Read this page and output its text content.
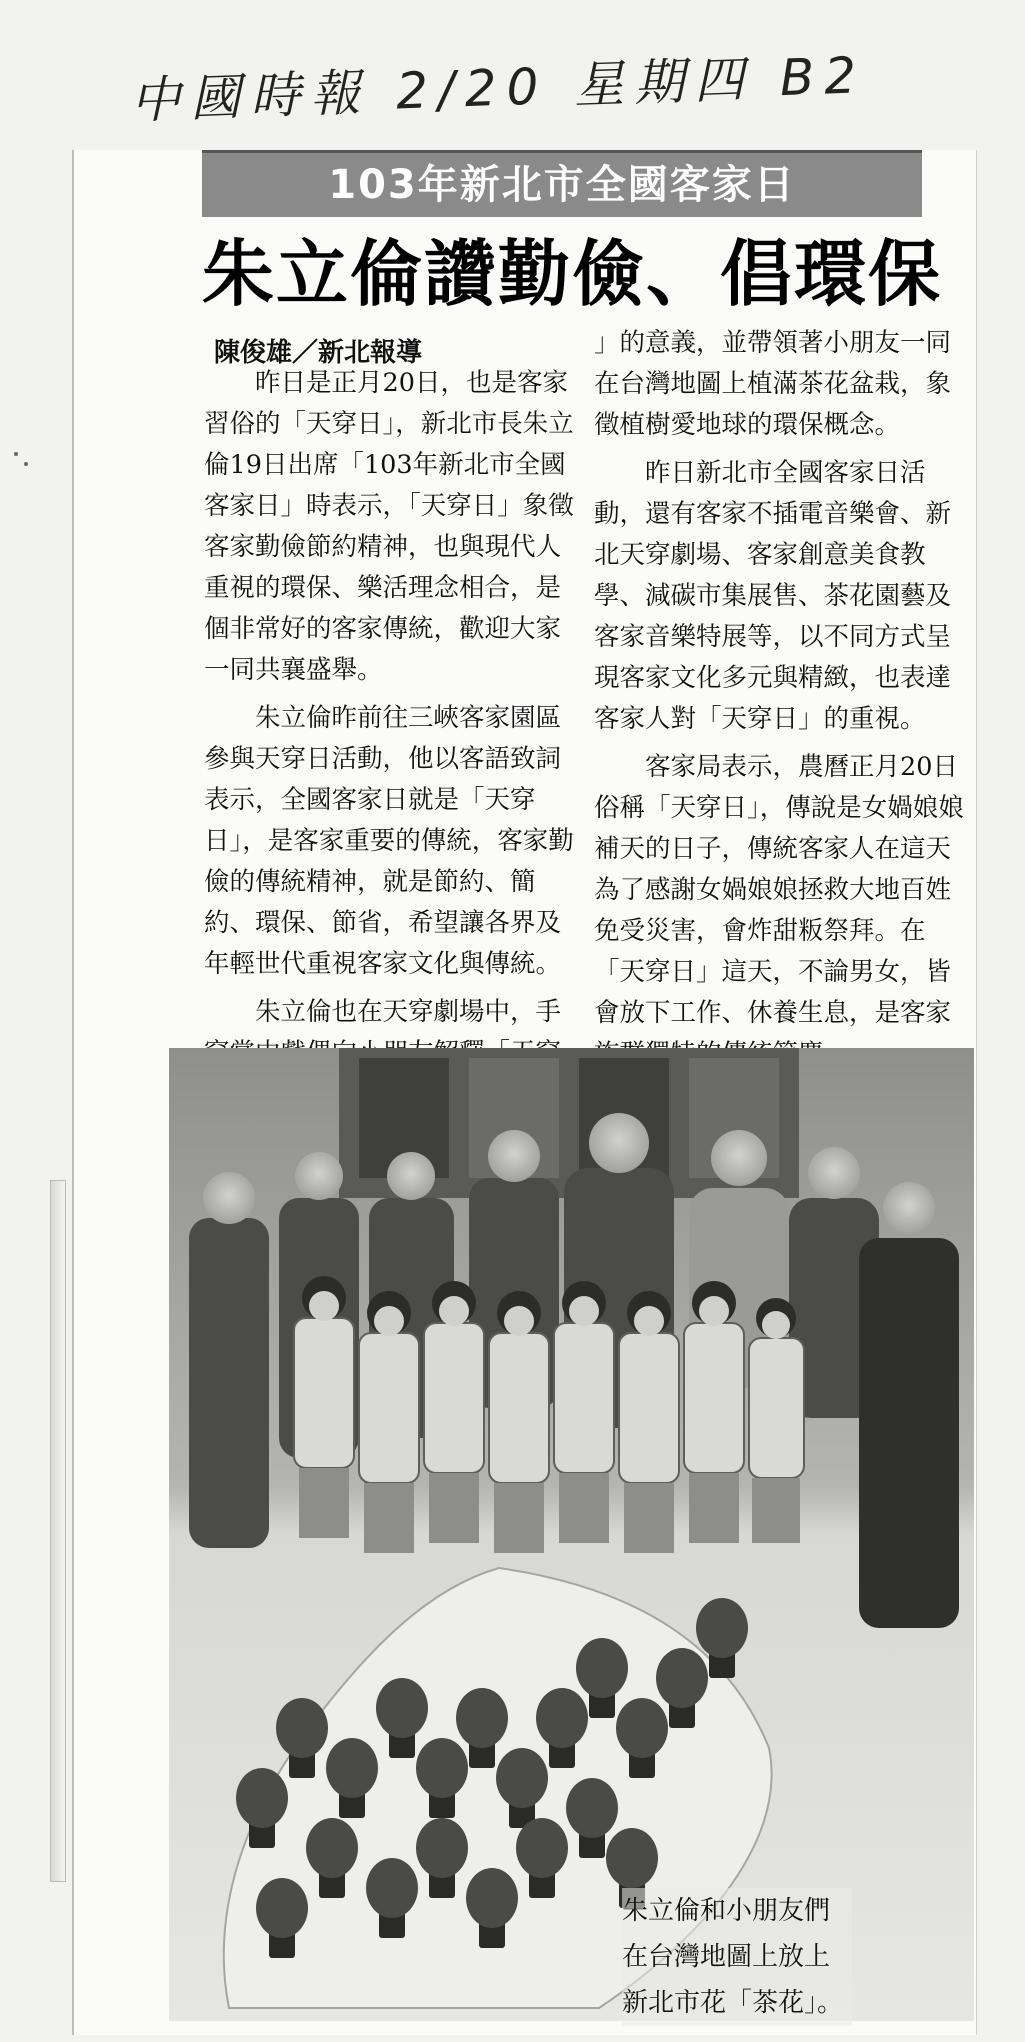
中國時報 2/20 星期四 B2
103年新北市全國客家日
朱立倫讚勤儉、倡環保
陳俊雄／新北報導

昨日是正月20日，也是客家習俗的「天穿日」，新北市長朱立倫19日出席「103年新北市全國客家日」時表示，「天穿日」象徵客家勤儉節約精神，也與現代人重視的環保、樂活理念相合，是個非常好的客家傳統，歡迎大家一同共襄盛舉。

朱立倫昨前往三峽客家園區參與天穿日活動，他以客語致詞表示，全國客家日就是「天穿日」，是客家重要的傳統，客家勤儉的傳統精神，就是節約、簡約、環保、節省，希望讓各界及年輕世代重視客家文化與傳統。

朱立倫也在天穿劇場中，手

」的意義，並帶領著小朋友一同在台灣地圖上植滿茶花盆栽，象徵植樹愛地球的環保概念。

昨日新北市全國客家日活動，還有客家不插電音樂會、新北天穿劇場、客家創意美食教學、減碳市集展售、茶花園藝及客家音樂特展等，以不同方式呈現客家文化多元與精緻，也表達客家人對「天穿日」的重視。

客家局表示，農曆正月20日俗稱「天穿日」，傳說是女媧娘娘補天的日子，傳統客家人在這天為了感謝女媧娘娘拯救大地百姓免受災害，會炸甜粄祭拜。在「天穿日」這天，不論男女，皆會放下工作、休養生息，是客家

朱立倫和小朋友們在台灣地圖上放上新北市花「茶花」。
